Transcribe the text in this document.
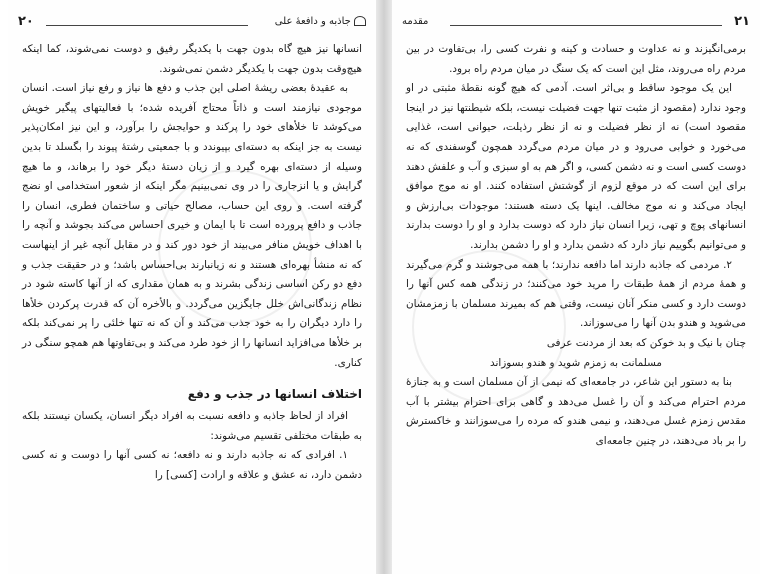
جاذبه و دافعهٔ علی
۲۰

انسانها نیز هیچ گاه بدون جهت با یکدیگر رفیق و دوست نمی‌شوند، کما اینکه هیچ‌وقت بدون جهت با یکدیگر دشمن نمی‌شوند.

به عقیدهٔ بعضی ریشهٔ اصلی این جذب و دفع ها نیاز و رفع نیاز است. انسان موجودی نیازمند است و ذاتاً محتاج آفریده شده؛ با فعالیتهای پیگیر خویش می‌کوشد تا خلأهای خود را پرکند و حوایجش را برآورد، و این نیز امکان‌پذیر نیست به جز اینکه به دسته‌ای بپیوندد و با جمعیتی رشتهٔ پیوند را بگسلد تا بدین وسیله از دسته‌ای بهره گیرد و از زیان دستهٔ دیگر خود را برهاند، و ما هیچ گرایش و یا انزجاری را در وی نمی‌بینیم مگر اینکه از شعور استخدامی او نضج گرفته است. و روی این حساب، مصالح حیاتی و ساختمان فطری، انسان را جاذب و دافع پرورده است تا با ایمان و خیری احساس می‌کند بجوشد و آنچه را با اهداف خویش منافر می‌بیند از خود دور کند و در مقابل آنچه غیر از اینهاست که نه منشأ بهره‌ای هستند و نه زیانبارند بی‌احساس باشد؛ و در حقیقت جذب و دفع دو رکن اساسی زندگی بشرند و به همان مقداری که از آنها کاسته شود در نظام زندگانی‌اش خلل جایگزین می‌گردد. و بالأخره آن که قدرت پرکردن خلأها را دارد دیگران را به خود جذب می‌کند و آن که نه تنها خلئی را پر نمی‌کند بلکه بر خلأها می‌افزاید انسانها را از خود طرد می‌کند و بی‌تفاوتها هم همچو سنگی در کناری.

اختلاف انسانها در جذب و دفع

افراد از لحاظ جاذبه و دافعه نسبت به افراد دیگر انسان، یکسان نیستند بلکه به طبقات مختلفی تقسیم می‌شوند:

۱. افرادی که نه جاذبه دارند و نه دافعه؛ نه کسی آنها را دوست و نه کسی دشمن دارد، نه عشق و علاقه و ارادت [کسی] را

۲۱
مقدمه

برمی‌انگیزند و نه عداوت و حسادت و کینه و نفرت کسی را، بی‌تفاوت در بین مردم راه می‌روند، مثل این است که یک سنگ در میان مردم راه برود.

این یک موجود ساقط و بی‌اثر است. آدمی که هیچ گونه نقطهٔ مثبتی در او وجود ندارد (مقصود از مثبت تنها جهت فضیلت نیست، بلکه شیطنتها نیز در اینجا مقصود است) نه از نظر فضیلت و نه از نظر رذیلت، حیوانی است، غذایی می‌خورد و خوابی می‌رود و در میان مردم می‌گردد همچون گوسفندی که نه دوست کسی است و نه دشمن کسی، و اگر هم به او سبزی و آب و علفش دهند برای این است که در موقع لزوم از گوشتش استفاده کنند. او نه موج موافق ایجاد می‌کند و نه موج مخالف. اینها یک دسته هستند: موجودات بی‌ارزش و انسانهای پوچ و تهی، زیرا انسان نیاز دارد که دوست بدارد و او را دوست بدارند و می‌توانیم بگوییم نیاز دارد که دشمن بدارد و او را دشمن بدارند.

۲. مردمی که جاذبه دارند اما دافعه ندارند؛ با همه می‌جوشند و گرم می‌گیرند و همهٔ مردم از همهٔ طبقات را مرید خود می‌کنند؛ در زندگی همه کس آنها را دوست دارد و کسی منکر آنان نیست، وقتی هم که بمیرند مسلمان با زمزمشان می‌شوید و هندو بدن آنها را می‌سوزاند.

چنان با نیک و بد خوکن که بعد از مردنت عرفی

مسلمانت به زمزم شوید و هندو بسوزاند

بنا به دستور این شاعر، در جامعه‌ای که نیمی از آن مسلمان است و به جنازهٔ مردم احترام می‌کند و آن را غسل می‌دهد و گاهی برای احترام بیشتر با آب مقدس زمزم غسل می‌دهند، و نیمی هندو که مرده را می‌سوزانند و خاکسترش را بر باد می‌دهند، در چنین جامعه‌ای
